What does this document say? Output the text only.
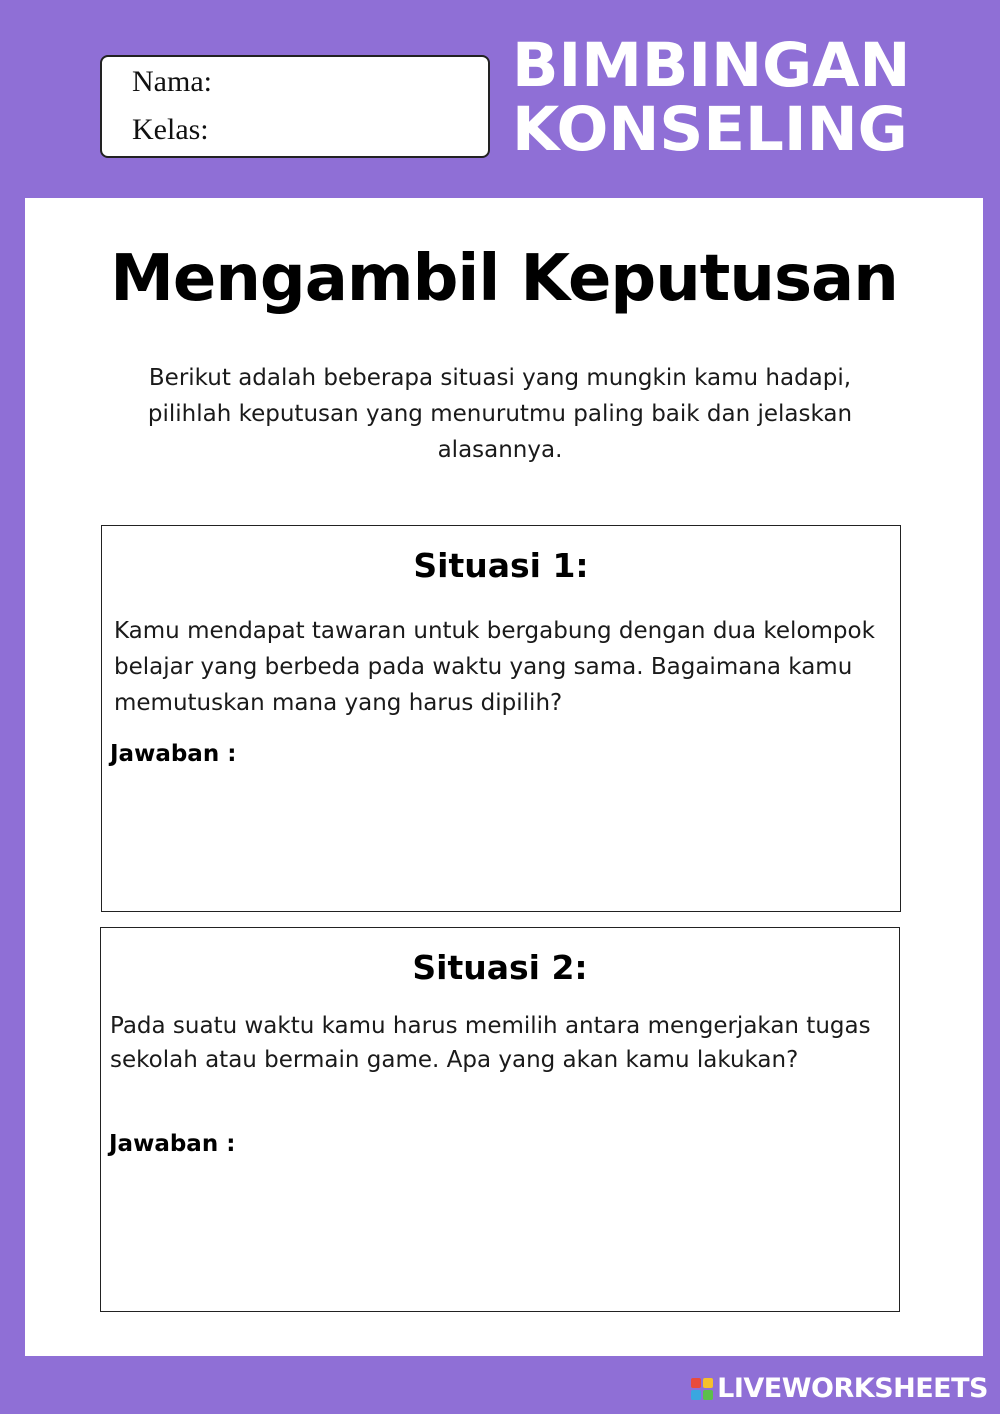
Nama:
Kelas:
BIMBINGAN
KONSELING
Mengambil Keputusan
Berikut adalah beberapa situasi yang mungkin kamu hadapi, pilihlah keputusan yang menurutmu paling baik dan jelaskan alasannya.
Situasi 1:
Kamu mendapat tawaran untuk bergabung dengan dua kelompok belajar yang berbeda pada waktu yang sama. Bagaimana kamu memutuskan mana yang harus dipilih?
Jawaban :
Situasi 2:
Pada suatu waktu kamu harus memilih antara mengerjakan tugas sekolah atau bermain game. Apa yang akan kamu lakukan?
Jawaban :
LIVEWORKSHEETS
